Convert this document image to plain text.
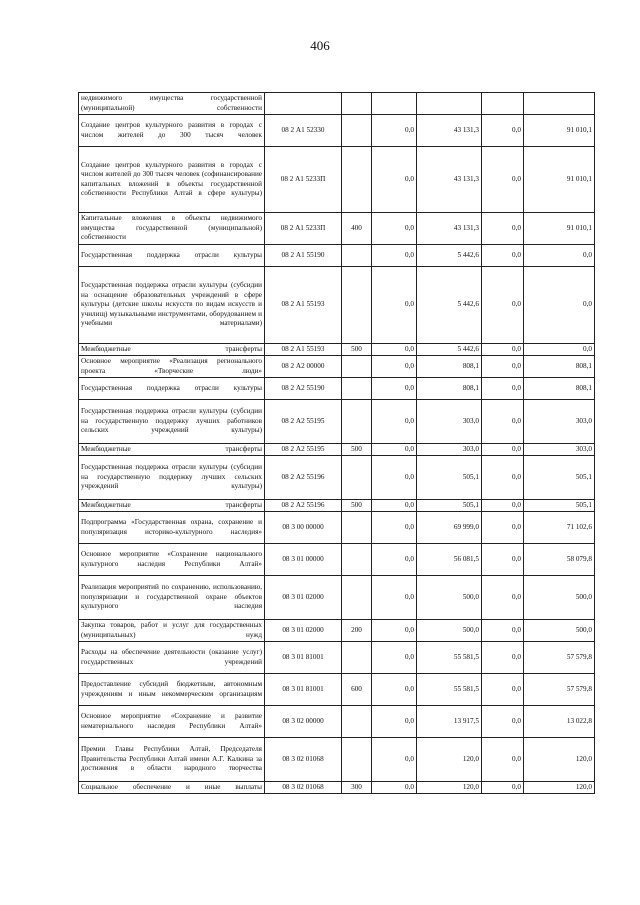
406
недвижимого имущества государственной (муниципальной) собственности						
Создание центров культурного развития в городах с числом жителей до 300 тысяч человек	08 2 А1 52330		0,0	43 131,3	0,0	91 010,1
Создание центров культурного развития в городах с числом жителей до 300 тысяч человек (софинансирование капитальных вложений в объекты государственной собственности Республики Алтай в сфере культуры)	08 2 А1 5233П		0,0	43 131,3	0,0	91 010,1
Капитальные вложения в объекты недвижимого имущества государственной (муниципальной) собственности	08 2 А1 5233П	400	0,0	43 131,3	0,0	91 010,1
Государственная поддержка отрасли культуры	08 2 А1 55190		0,0	5 442,6	0,0	0,0
Государственная поддержка отрасли культуры (субсидии на оснащение образовательных учреждений в сфере культуры (детские школы искусств по видам искусств и училищ) музыкальными инструментами, оборудованием и учебными материалами)	08 2 А1 55193		0,0	5 442,6	0,0	0,0
Межбюджетные трансферты	08 2 А1 55193	500	0,0	5 442,6	0,0	0,0
Основное мероприятие «Реализация регионального проекта «Творческие люди»	08 2 А2 00000		0,0	808,1	0,0	808,1
Государственная поддержка отрасли культуры	08 2 А2 55190		0,0	808,1	0,0	808,1
Государственная поддержка отрасли культуры (субсидии на государственную поддержку лучших работников сельских учреждений культуры)	08 2 А2 55195		0,0	303,0	0,0	303,0
Межбюджетные трансферты	08 2 А2 55195	500	0,0	303,0	0,0	303,0
Государственная поддержка отрасли культуры (субсидии на государственную поддержку лучших сельских учреждений культуры)	08 2 А2 55196		0,0	505,1	0,0	505,1
Межбюджетные трансферты	08 2 А2 55196	500	0,0	505,1	0,0	505,1
Подпрограмма «Государственная охрана, сохранение и популяризация историко-культурного наследия»	08 3 00 00000		0,0	69 999,0	0,0	71 102,6
Основное мероприятие «Сохранение национального культурного наследия Республики Алтай»	08 3 01 00000		0,0	56 081,5	0,0	58 079,8
Реализация мероприятий по сохранению, использованию, популяризации и государственной охране объектов культурного наследия	08 3 01 02000		0,0	500,0	0,0	500,0
Закупка товаров, работ и услуг для государственных (муниципальных) нужд	08 3 01 02000	200	0,0	500,0	0,0	500,0
Расходы на обеспечение деятельности (оказание услуг) государственных учреждений	08 3 01 81001		0,0	55 581,5	0,0	57 579,8
Предоставление субсидий бюджетным, автономным учреждениям и иным некоммерческим организациям	08 3 01 81001	600	0,0	55 581,5	0,0	57 579,8
Основное мероприятие «Сохранение и развитие нематериального наследия Республики Алтай»	08 3 02 00000		0,0	13 917,5	0,0	13 022,8
Премии Главы Республики Алтай, Председателя Правительства Республики Алтай имени А.Г. Калкина за достижения в области народного творчества	08 3 02 01068		0,0	120,0	0,0	120,0
Социальное обеспечение и иные выплаты	08 3 02 01068	300	0,0	120,0	0,0	120,0
